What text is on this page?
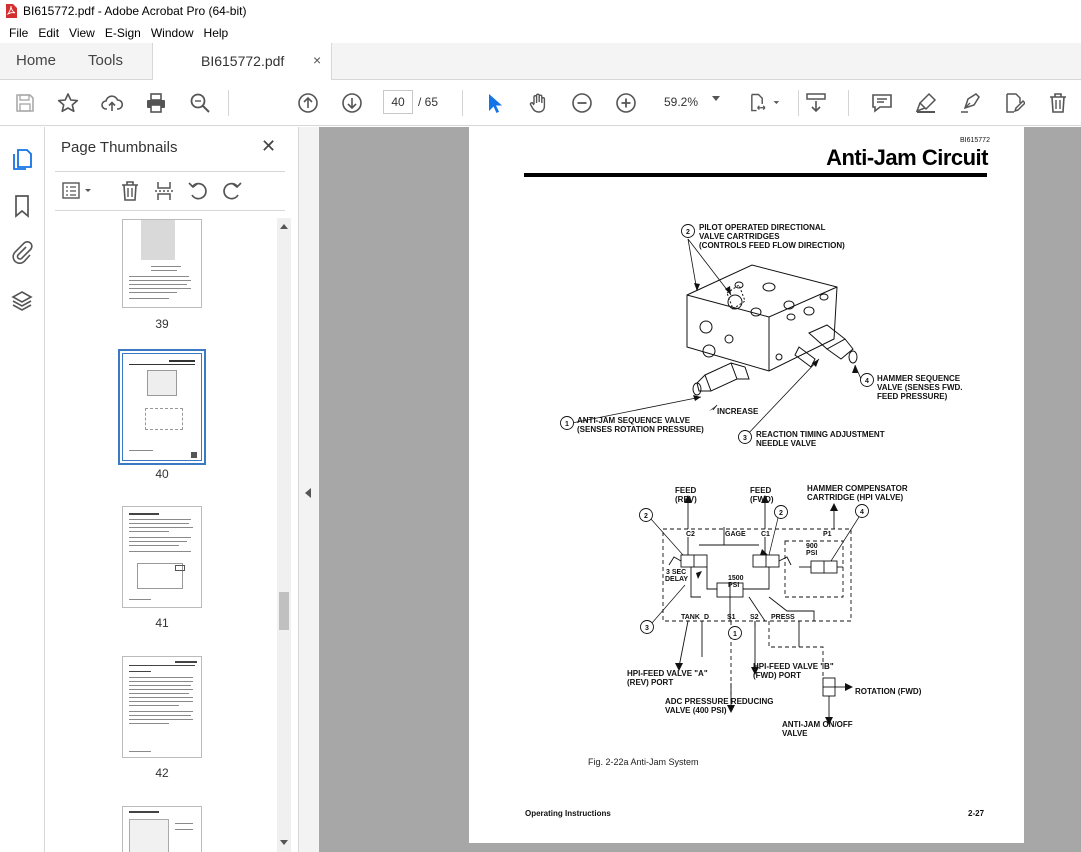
BI615772.pdf - Adobe Acrobat Pro (64-bit)
File Edit View E-Sign Window Help
Home Tools	BI615772.pdf ×
40	/ 65	59.2%
Page Thumbnails	✕
39
40
41
42
BI615772
Anti-Jam Circuit
2
4
1
3
PILOT OPERATED DIRECTIONAL
VALVE CARTRIDGES
(CONTROLS FEED FLOW DIRECTION)
HAMMER SEQUENCE
VALVE (SENSES FWD.
FEED PRESSURE)
INCREASE
ANTI-JAM SEQUENCE VALVE
(SENSES ROTATION PRESSURE)
REACTION TIMING ADJUSTMENT
NEEDLE VALVE
2	2	4
3
1
FEED
(REV)
FEED
(FWD)
HAMMER COMPENSATOR
CARTRIDGE (HPI VALVE)
C2	GAGE C1	P1
900
PSI
3 SEC
DELAY	1500
PSI
TANK D	S1 S2 PRESS
HPI-FEED VALVE "A"
(REV) PORT
HPI-FEED VALVE "B"
(FWD) PORT
ADC PRESSURE REDUCING
VALVE (400 PSI)
ROTATION (FWD)
ANTI-JAM ON/OFF
VALVE
Fig. 2-22a Anti-Jam System
Operating Instructions	2-27
